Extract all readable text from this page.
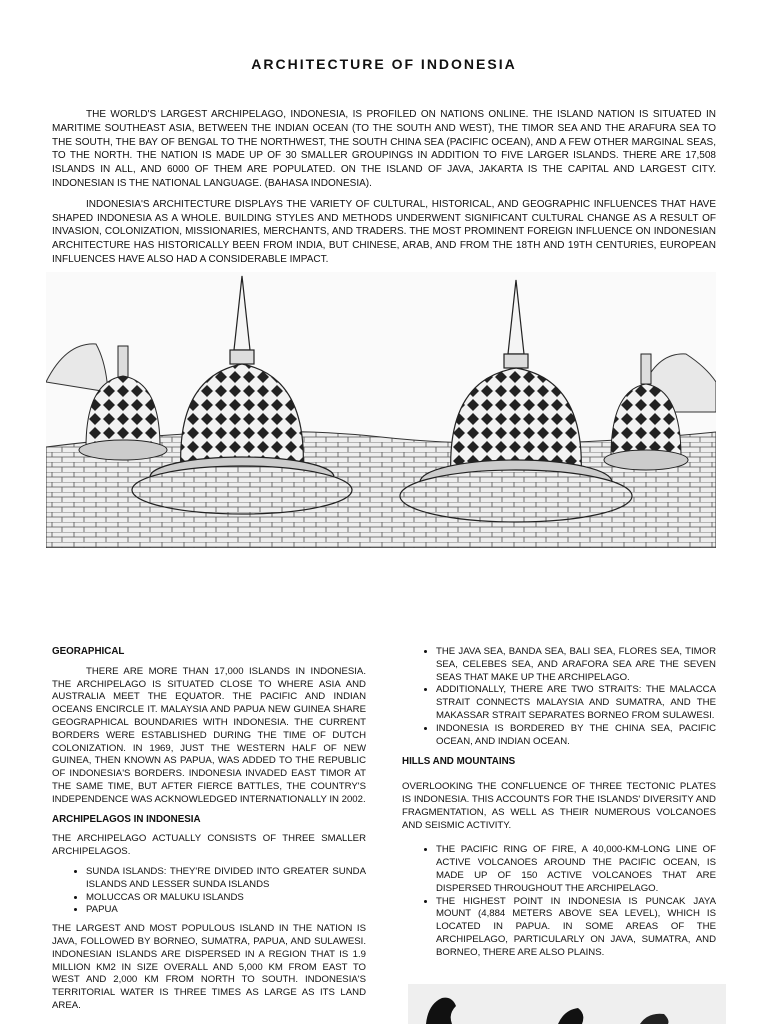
ARCHITECTURE OF INDONESIA

THE WORLD'S LARGEST ARCHIPELAGO, INDONESIA, IS PROFILED ON NATIONS ONLINE. THE ISLAND NATION IS SITUATED IN MARITIME SOUTHEAST ASIA, BETWEEN THE INDIAN OCEAN (TO THE SOUTH AND WEST), THE TIMOR SEA AND THE ARAFURA SEA TO THE SOUTH, THE BAY OF BENGAL TO THE NORTHWEST, THE SOUTH CHINA SEA (PACIFIC OCEAN), AND A FEW OTHER MARGINAL SEAS, TO THE NORTH. THE NATION IS MADE UP OF 30 SMALLER GROUPINGS IN ADDITION TO FIVE LARGER ISLANDS. THERE ARE 17,508 ISLANDS IN ALL, AND 6000 OF THEM ARE POPULATED. ON THE ISLAND OF JAVA, JAKARTA IS THE CAPITAL AND LARGEST CITY. INDONESIAN IS THE NATIONAL LANGUAGE. (BAHASA INDONESIA).

INDONESIA'S ARCHITECTURE DISPLAYS THE VARIETY OF CULTURAL, HISTORICAL, AND GEOGRAPHIC INFLUENCES THAT HAVE SHAPED INDONESIA AS A WHOLE. BUILDING STYLES AND METHODS UNDERWENT SIGNIFICANT CULTURAL CHANGE AS A RESULT OF INVASION, COLONIZATION, MISSIONARIES, MERCHANTS, AND TRADERS. THE MOST PROMINENT FOREIGN INFLUENCE ON INDONESIAN ARCHITECTURE HAS HISTORICALLY BEEN FROM INDIA, BUT CHINESE, ARAB, AND FROM THE 18TH AND 19TH CENTURIES, EUROPEAN INFLUENCES HAVE ALSO HAD A CONSIDERABLE IMPACT.

GEORAPHICAL

THERE ARE MORE THAN 17,000 ISLANDS IN INDONESIA. THE ARCHIPELAGO IS SITUATED CLOSE TO WHERE ASIA AND AUSTRALIA MEET THE EQUATOR. THE PACIFIC AND INDIAN OCEANS ENCIRCLE IT. MALAYSIA AND PAPUA NEW GUINEA SHARE GEOGRAPHICAL BOUNDARIES WITH INDONESIA. THE CURRENT BORDERS WERE ESTABLISHED DURING THE TIME OF DUTCH COLONIZATION. IN 1969, JUST THE WESTERN HALF OF NEW GUINEA, THEN KNOWN AS PAPUA, WAS ADDED TO THE REPUBLIC OF INDONESIA'S BORDERS. INDONESIA INVADED EAST TIMOR AT THE SAME TIME, BUT AFTER FIERCE BATTLES, THE COUNTRY'S INDEPENDENCE WAS ACKNOWLEDGED INTERNATIONALLY IN 2002.

ARCHIPELAGOS IN INDONESIA

THE ARCHIPELAGO ACTUALLY CONSISTS OF THREE SMALLER ARCHIPELAGOS.

• SUNDA ISLANDS: THEY'RE DIVIDED INTO GREATER SUNDA ISLANDS AND LESSER SUNDA ISLANDS
• MOLUCCAS OR MALUKU ISLANDS
• PAPUA

THE LARGEST AND MOST POPULOUS ISLAND IN THE NATION IS JAVA, FOLLOWED BY BORNEO, SUMATRA, PAPUA, AND SULAWESI. INDONESIAN ISLANDS ARE DISPERSED IN A REGION THAT IS 1.9 MILLION KM2 IN SIZE OVERALL AND 5,000 KM FROM EAST TO WEST AND 2,000 KM FROM NORTH TO SOUTH. INDONESIA'S TERRITORIAL WATER IS THREE TIMES AS LARGE AS ITS LAND AREA.

• THE JAVA SEA, BANDA SEA, BALI SEA, FLORES SEA, TIMOR SEA, CELEBES SEA, AND ARAFORA SEA ARE THE SEVEN SEAS THAT MAKE UP THE ARCHIPELAGO.
• ADDITIONALLY, THERE ARE TWO STRAITS: THE MALACCA STRAIT CONNECTS MALAYSIA AND SUMATRA, AND THE MAKASSAR STRAIT SEPARATES BORNEO FROM SULAWESI.
• INDONESIA IS BORDERED BY THE CHINA SEA, PACIFIC OCEAN, AND INDIAN OCEAN.
HILLS AND MOUNTAINS

OVERLOOKING THE CONFLUENCE OF THREE TECTONIC PLATES IS INDONESIA. THIS ACCOUNTS FOR THE ISLANDS' DIVERSITY AND FRAGMENTATION, AS WELL AS THEIR NUMEROUS VOLCANOES AND SEISMIC ACTIVITY.

• THE PACIFIC RING OF FIRE, A 40,000-KM-LONG LINE OF ACTIVE VOLCANOES AROUND THE PACIFIC OCEAN, IS MADE UP OF 150 ACTIVE VOLCANOES THAT ARE DISPERSED THROUGHOUT THE ARCHIPELAGO.
• THE HIGHEST POINT IN INDONESIA IS PUNCAK JAYA MOUNT (4,884 METERS ABOVE SEA LEVEL), WHICH IS LOCATED IN PAPUA. IN SOME AREAS OF THE ARCHIPELAGO, PARTICULARLY ON JAVA, SUMATRA, AND BORNEO, THERE ARE ALSO PLAINS.
